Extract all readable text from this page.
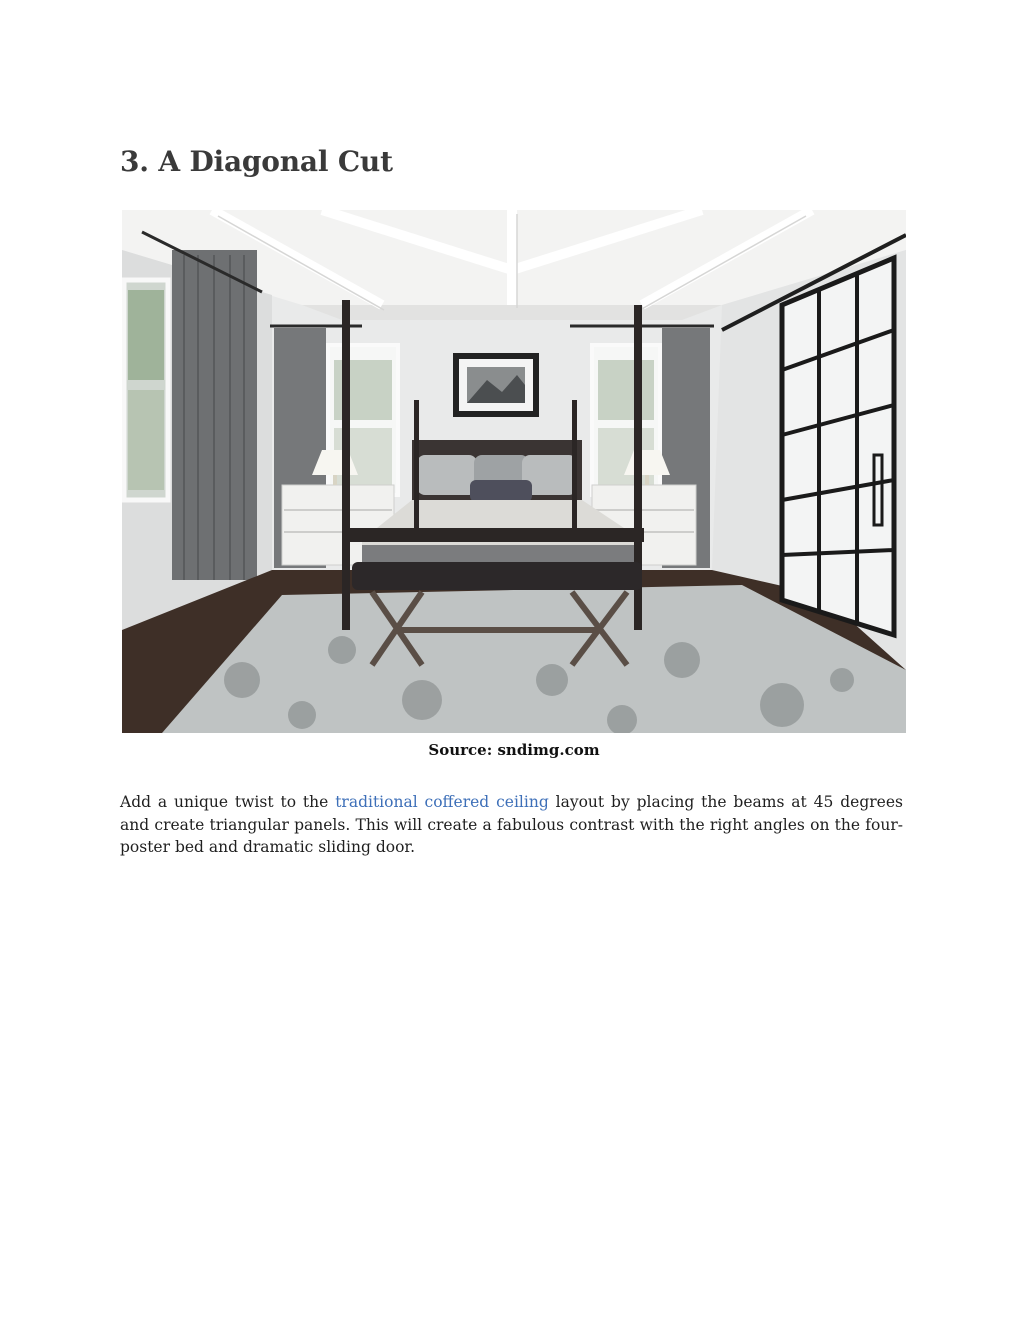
3. A Diagonal Cut
Source: sndimg.com

Add a unique twist to the traditional coffered ceiling layout by placing the beams at 45 degrees and create triangular panels. This will create a fabulous contrast with the right angles on the four-poster bed and dramatic sliding door.
